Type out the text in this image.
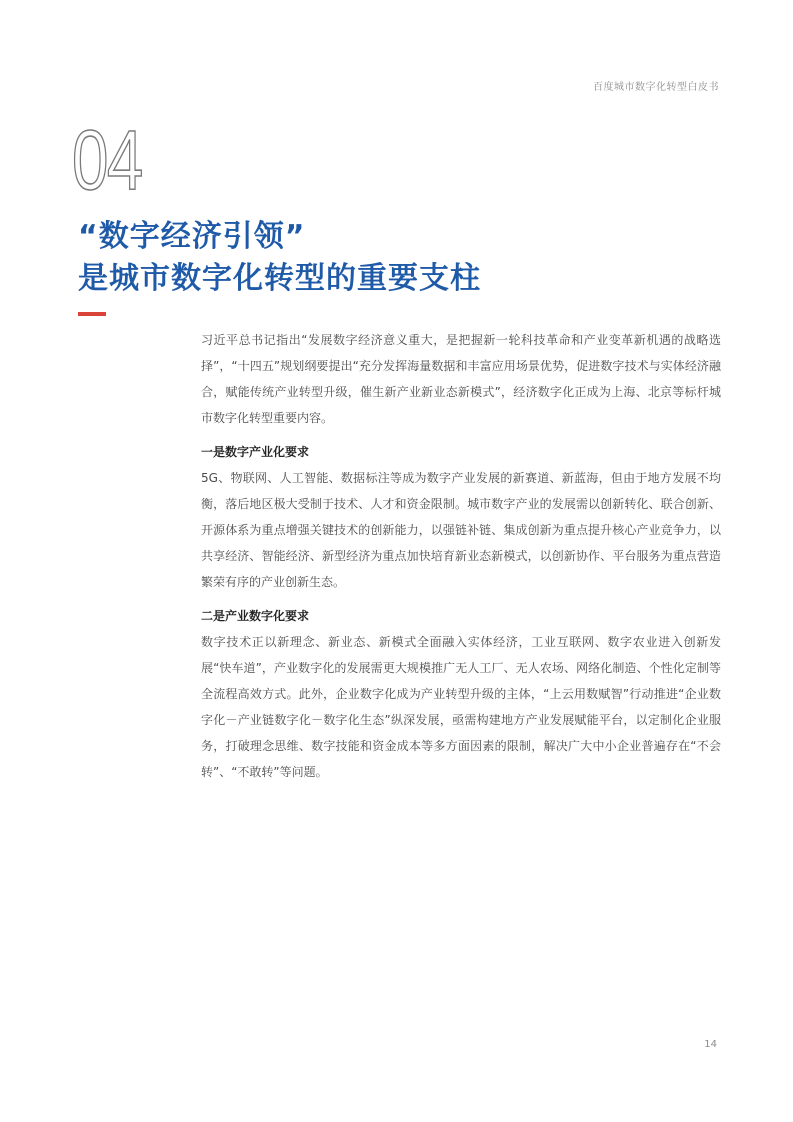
百度城市数字化转型白皮书
04
“数字经济引领”
是城市数字化转型的重要支柱

习近平总书记指出“发展数字经济意义重大，是把握新一轮科技革命和产业变革新机遇的战略选择”，“十四五”规划纲要提出“充分发挥海量数据和丰富应用场景优势，促进数字技术与实体经济融合，赋能传统产业转型升级，催生新产业新业态新模式”，经济数字化正成为上海、北京等标杆城市数字化转型重要内容。

一是数字产业化要求

5G、物联网、人工智能、数据标注等成为数字产业发展的新赛道、新蓝海，但由于地方发展不均衡，落后地区极大受制于技术、人才和资金限制。城市数字产业的发展需以创新转化、联合创新、开源体系为重点增强关键技术的创新能力，以强链补链、集成创新为重点提升核心产业竞争力，以共享经济、智能经济、新型经济为重点加快培育新业态新模式，以创新协作、平台服务为重点营造繁荣有序的产业创新生态。

二是产业数字化要求

数字技术正以新理念、新业态、新模式全面融入实体经济，工业互联网、数字农业进入创新发展“快车道”，产业数字化的发展需更大规模推广无人工厂、无人农场、网络化制造、个性化定制等全流程高效方式。此外，企业数字化成为产业转型升级的主体，“上云用数赋智”行动推进“企业数字化－产业链数字化－数字化生态”纵深发展，亟需构建地方产业发展赋能平台，以定制化企业服务，打破理念思维、数字技能和资金成本等多方面因素的限制，解决广大中小企业普遍存在“不会转”、“不敢转”等问题。

14
